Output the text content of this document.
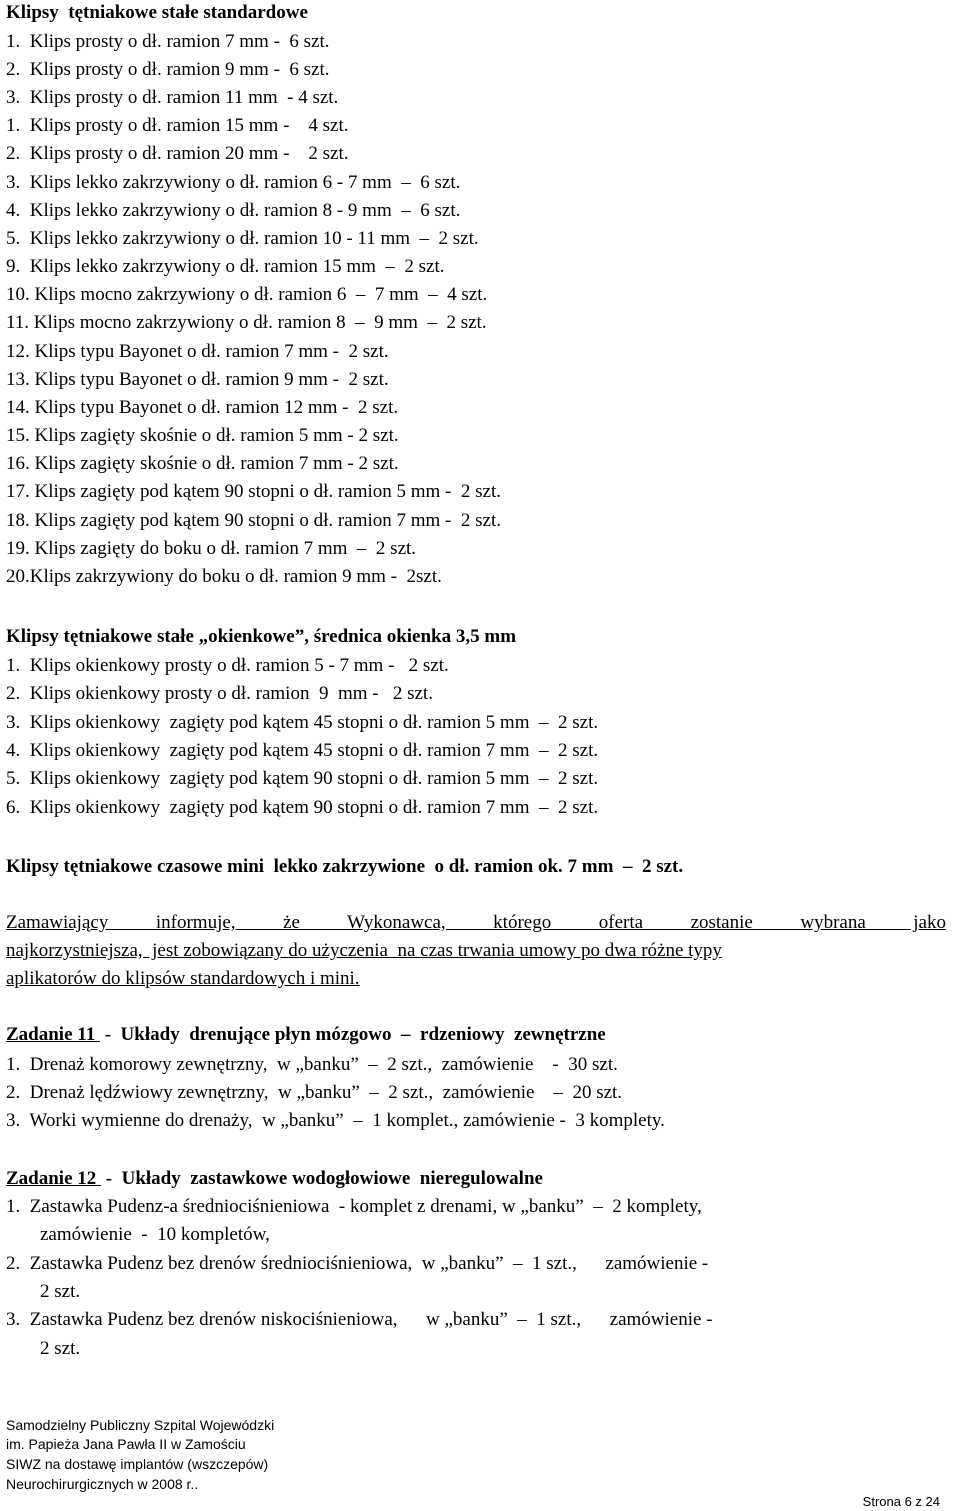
Klipsy  tętniakowe stałe standardowe
1.  Klips prosty o dł. ramion 7 mm -  6 szt.
2.  Klips prosty o dł. ramion 9 mm -  6 szt.
3.  Klips prosty o dł. ramion 11 mm  - 4 szt.
1.  Klips prosty o dł. ramion 15 mm -    4 szt.
2.  Klips prosty o dł. ramion 20 mm -    2 szt.
3.  Klips lekko zakrzywiony o dł. ramion 6 - 7 mm  –  6 szt.
4.  Klips lekko zakrzywiony o dł. ramion 8 - 9 mm  –  6 szt.
5.  Klips lekko zakrzywiony o dł. ramion 10 - 11 mm  –  2 szt.
9.  Klips lekko zakrzywiony o dł. ramion 15 mm  –  2 szt.
10. Klips mocno zakrzywiony o dł. ramion 6  –  7 mm  –  4 szt.
11. Klips mocno zakrzywiony o dł. ramion 8  –  9 mm  –  2 szt.
12. Klips typu Bayonet o dł. ramion 7 mm -  2 szt.
13. Klips typu Bayonet o dł. ramion 9 mm -  2 szt.
14. Klips typu Bayonet o dł. ramion 12 mm -  2 szt.
15. Klips zagięty skośnie o dł. ramion 5 mm - 2 szt.
16. Klips zagięty skośnie o dł. ramion 7 mm - 2 szt.
17. Klips zagięty pod kątem 90 stopni o dł. ramion 5 mm -  2 szt.
18. Klips zagięty pod kątem 90 stopni o dł. ramion 7 mm -  2 szt.
19. Klips zagięty do boku o dł. ramion 7 mm  –  2 szt.
20.Klips zakrzywiony do boku o dł. ramion 9 mm -  2szt.
Klipsy tętniakowe stałe „okienkowe”, średnica okienka 3,5 mm
1.  Klips okienkowy prosty o dł. ramion 5 - 7 mm -   2 szt.
2.  Klips okienkowy prosty o dł. ramion  9  mm -   2 szt.
3.  Klips okienkowy  zagięty pod kątem 45 stopni o dł. ramion 5 mm  –  2 szt.
4.  Klips okienkowy  zagięty pod kątem 45 stopni o dł. ramion 7 mm  –  2 szt.
5.  Klips okienkowy  zagięty pod kątem 90 stopni o dł. ramion 5 mm  –  2 szt.
6.  Klips okienkowy  zagięty pod kątem 90 stopni o dł. ramion 7 mm  –  2 szt.
Klipsy tętniakowe czasowe mini  lekko zakrzywione  o dł. ramion ok. 7 mm  –  2 szt.
Zamawiający informuje, że Wykonawca, którego oferta zostanie wybrana jako
najkorzystniejsza,  jest zobowiązany do użyczenia  na czas trwania umowy po dwa różne typy
aplikatorów do klipsów standardowych i mini.
Zadanie 11  -  Układy  drenujące płyn mózgowo  –  rdzeniowy  zewnętrzne
1.  Drenaż komorowy zewnętrzny,  w „banku”  –  2 szt.,  zamówienie    -  30 szt.
2.  Drenaż lędźwiowy zewnętrzny,  w „banku”  –  2 szt.,  zamówienie    –  20 szt.
3.  Worki wymienne do drenaży,  w „banku”  –  1 komplet., zamówienie -  3 komplety.
Zadanie 12  -  Układy  zastawkowe wodogłowiowe  nieregulowalne
1.  Zastawka Pudenz-a średniociśnieniowa  - komplet z drenami, w „banku”  –  2 komplety,
zamówienie  -  10 kompletów,
2.  Zastawka Pudenz bez drenów średniociśnieniowa,  w „banku”  –  1 szt.,      zamówienie -
2 szt.
3.  Zastawka Pudenz bez drenów niskociśnieniowa,      w „banku”  –  1 szt.,      zamówienie -
2 szt.
Samodzielny Publiczny Szpital Wojewódzki
im. Papieża Jana Pawła II w Zamościu
SIWZ na dostawę implantów (wszczepów)
Neurochirurgicznych w 2008 r..
Strona 6 z 24
